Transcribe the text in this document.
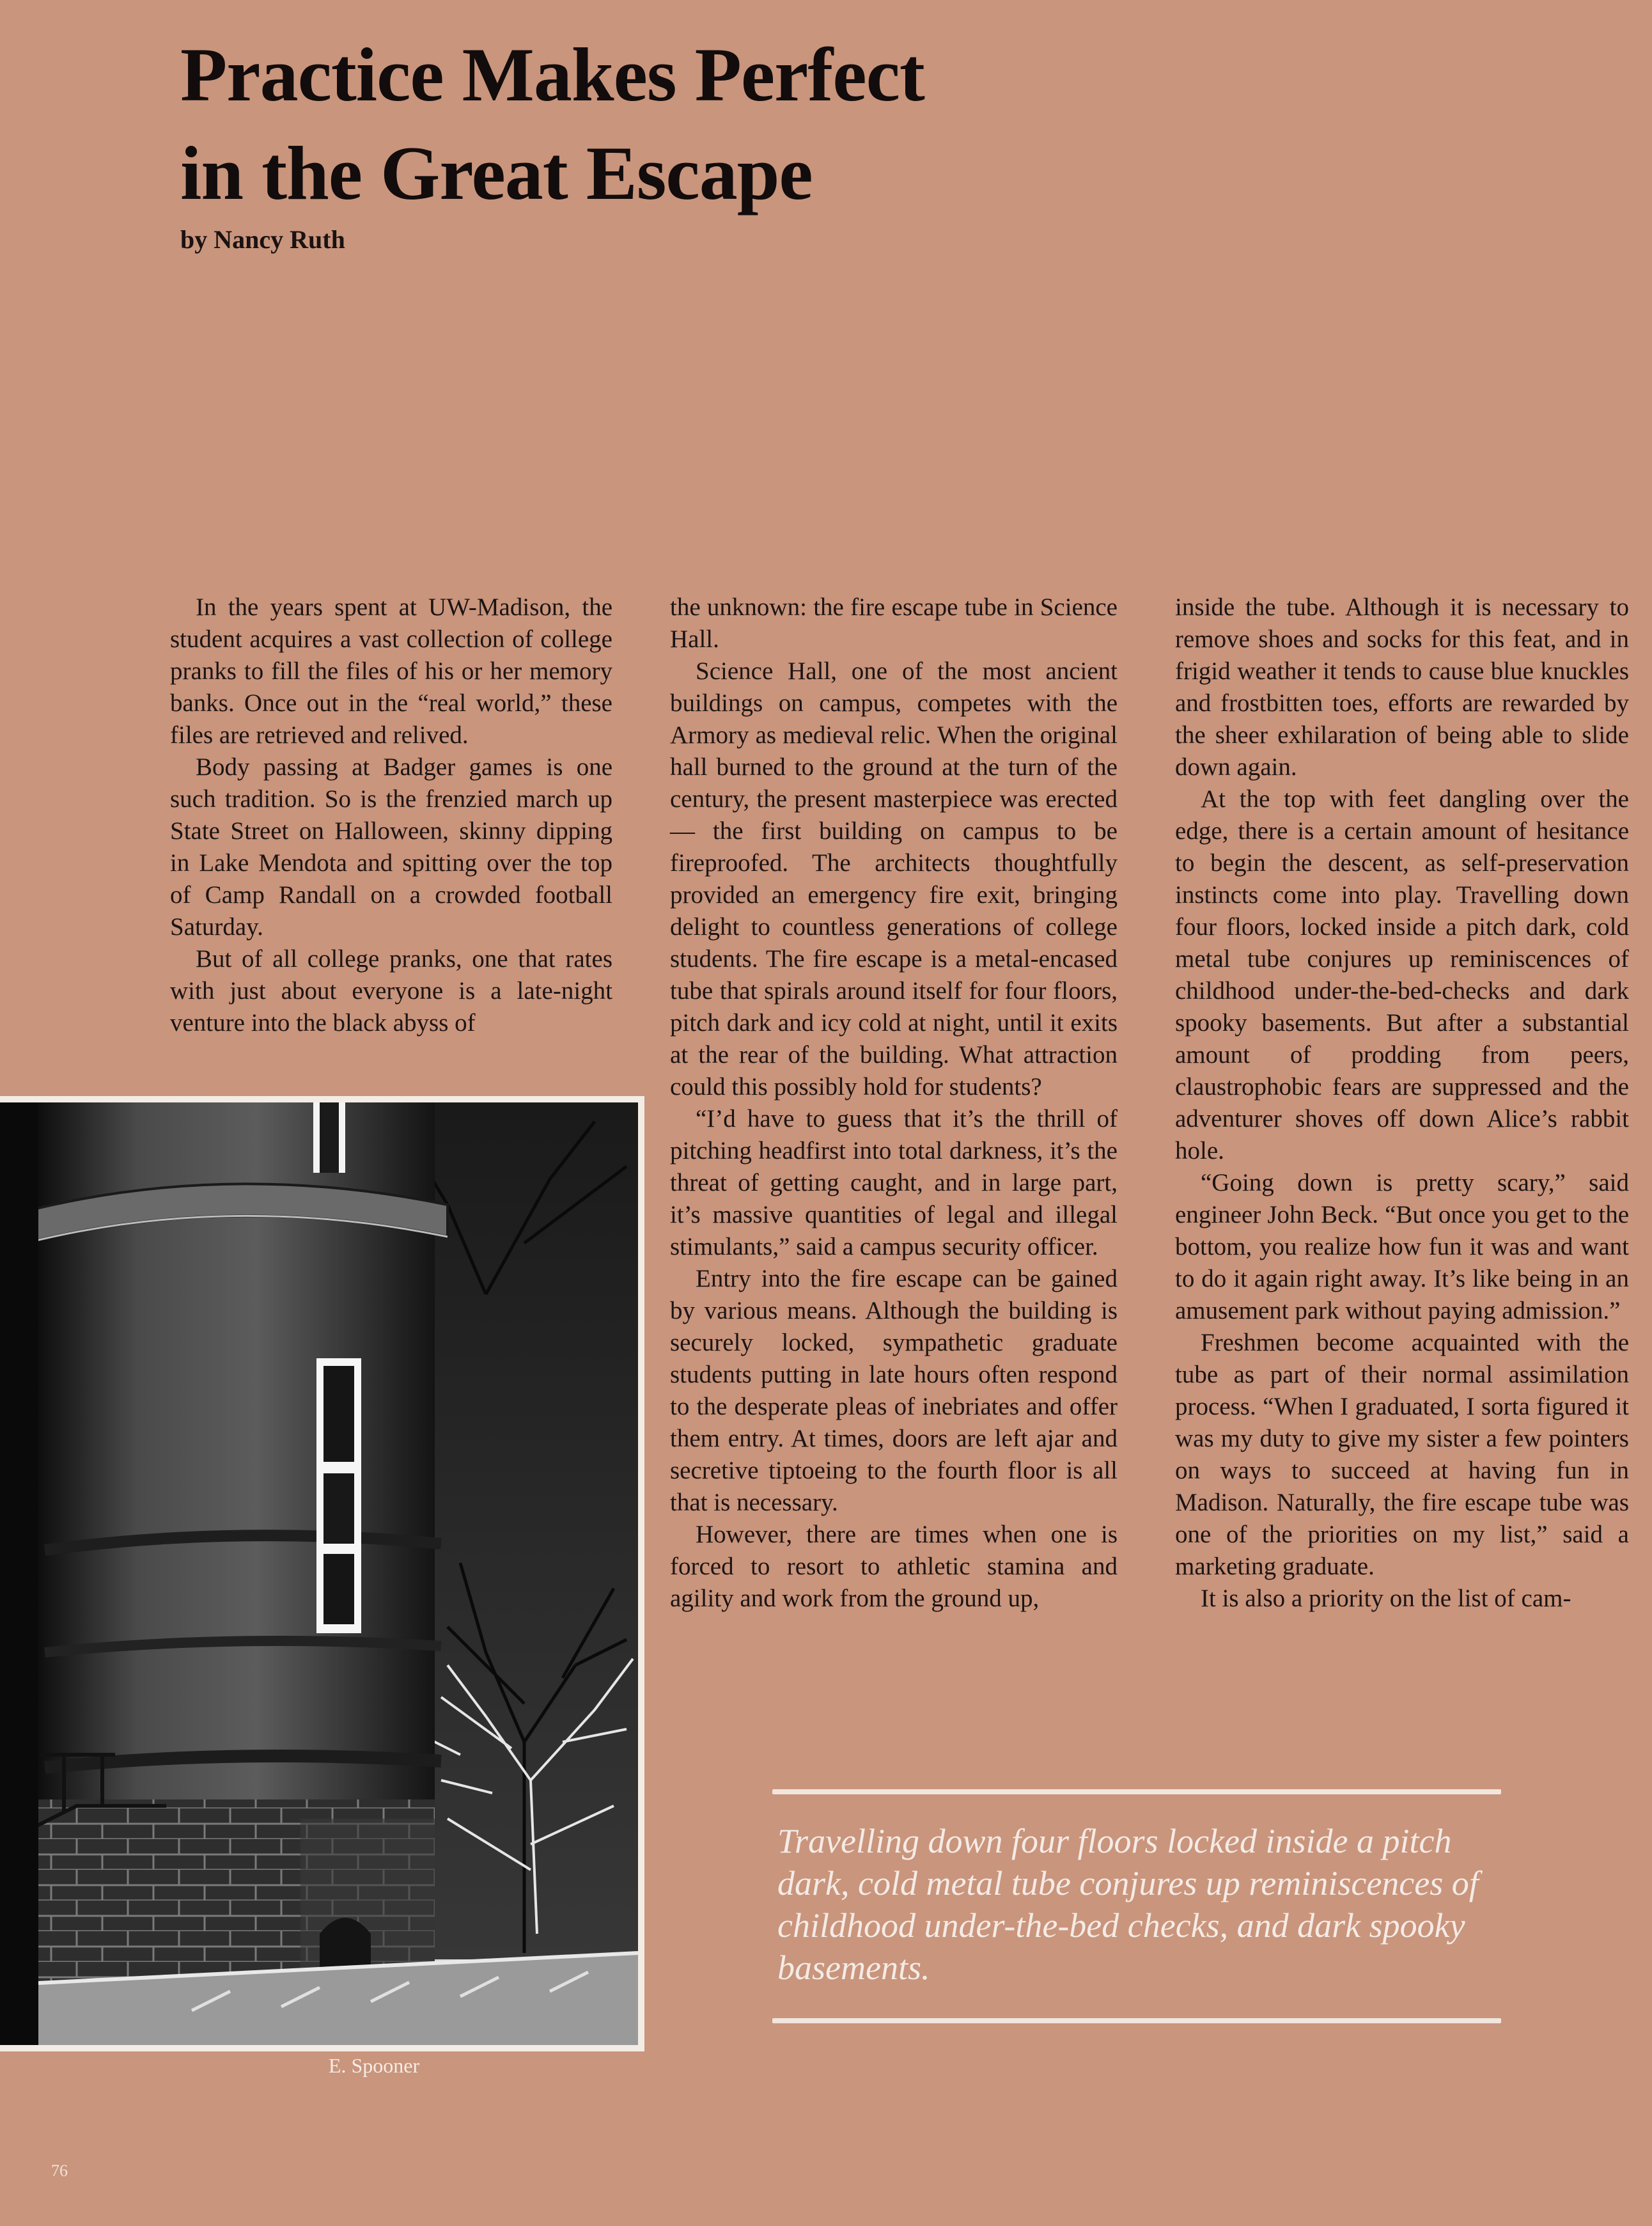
Practice Makes Perfect
in the Great Escape
by Nancy Ruth

In the years spent at UW-Madison, the student acquires a vast collection of college pranks to fill the files of his or her memory banks. Once out in the “real world,” these files are retrieved and relived.

Body passing at Badger games is one such tradition. So is the frenzied march up State Street on Halloween, skinny dipping in Lake Mendota and spitting over the top of Camp Randall on a crowded football Saturday.

But of all college pranks, one that rates with just about everyone is a late-night venture into the black abyss of

the unknown: the fire escape tube in Science Hall.

Science Hall, one of the most ancient buildings on campus, competes with the Armory as medieval relic. When the original hall burned to the ground at the turn of the century, the present masterpiece was erected — the first building on campus to be fireproofed. The architects thoughtfully provided an emergency fire exit, bringing delight to countless generations of college students. The fire escape is a metal-encased tube that spirals around itself for four floors, pitch dark and icy cold at night, until it exits at the rear of the building. What attraction could this possibly hold for students?

“I’d have to guess that it’s the thrill of pitching headfirst into total darkness, it’s the threat of getting caught, and in large part, it’s massive quantities of legal and illegal stimulants,” said a campus security officer.

Entry into the fire escape can be gained by various means. Although the building is securely locked, sympathetic graduate students putting in late hours often respond to the desperate pleas of inebriates and offer them entry. At times, doors are left ajar and secretive tiptoeing to the fourth floor is all that is necessary.

However, there are times when one is forced to resort to athletic stamina and agility and work from the ground up,

inside the tube. Although it is necessary to remove shoes and socks for this feat, and in frigid weather it tends to cause blue knuckles and frostbitten toes, efforts are rewarded by the sheer exhilaration of being able to slide down again.

At the top with feet dangling over the edge, there is a certain amount of hesitance to begin the descent, as self-preservation instincts come into play. Travelling down four floors, locked inside a pitch dark, cold metal tube conjures up reminiscences of childhood under-the-bed-checks and dark spooky basements. But after a substantial amount of prodding from peers, claustrophobic fears are suppressed and the adventurer shoves off down Alice’s rabbit hole.

“Going down is pretty scary,” said engineer John Beck. “But once you get to the bottom, you realize how fun it was and want to do it again right away. It’s like being in an amusement park without paying admission.”

Freshmen become acquainted with the tube as part of their normal assimilation process. “When I graduated, I sorta figured it was my duty to give my sister a few pointers on ways to succeed at having fun in Madison. Naturally, the fire escape tube was one of the priorities on my list,” said a marketing graduate.

It is also a priority on the list of cam-

E. Spooner
Travelling down four floors locked inside a pitch dark, cold metal tube conjures up reminiscences of childhood under-the-bed checks, and dark spooky basements.
76
